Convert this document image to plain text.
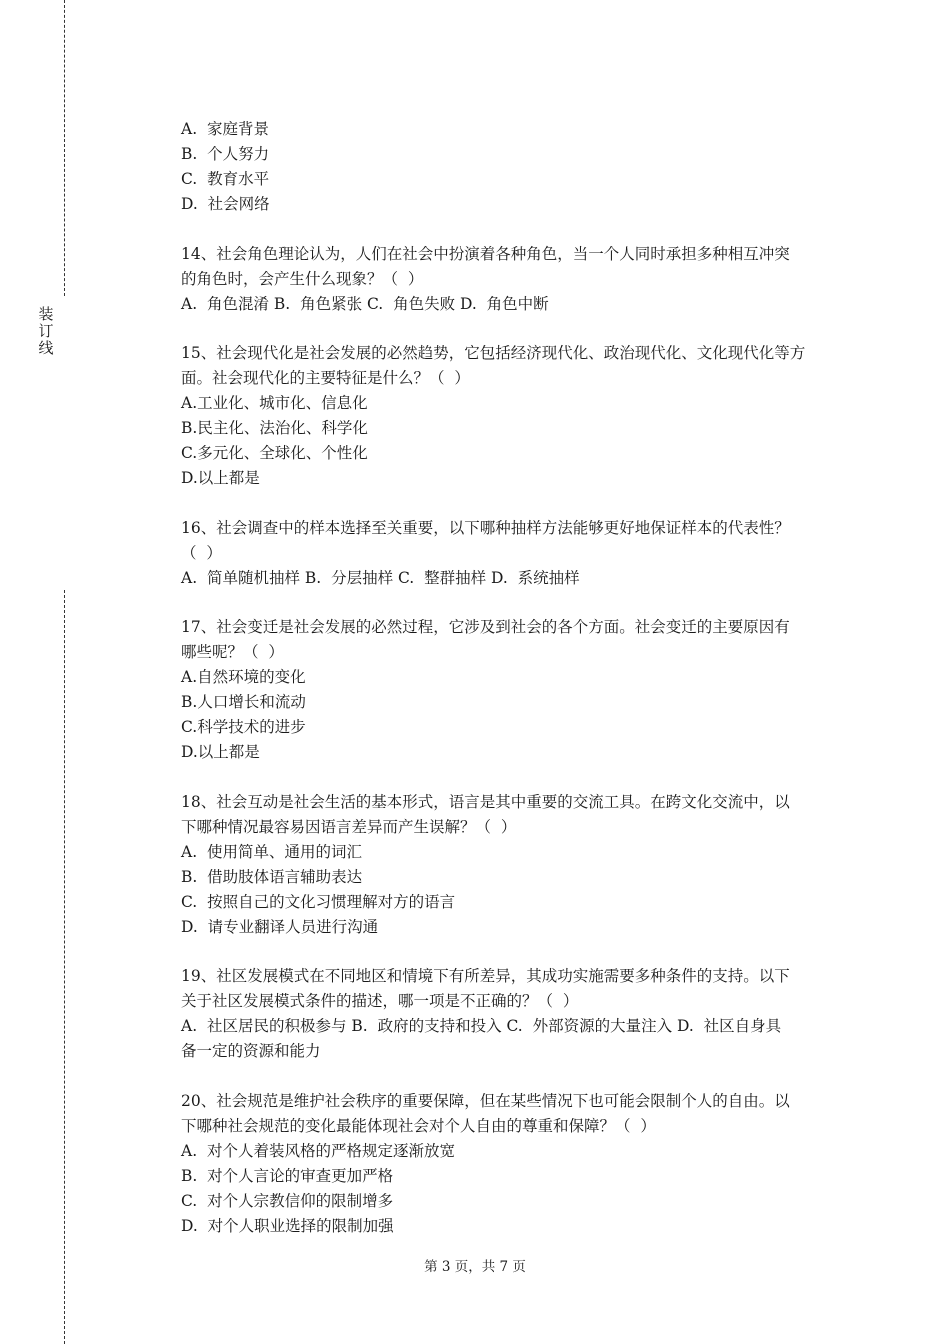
装
订
线
A.  家庭背景
B.  个人努力
C.  教育水平
D.  社会网络
14、社会角色理论认为，人们在社会中扮演着各种角色，当一个人同时承担多种相互冲突
的角色时，会产生什么现象？（  ）
A.  角色混淆 B.  角色紧张 C.  角色失败 D.  角色中断
15、社会现代化是社会发展的必然趋势，它包括经济现代化、政治现代化、文化现代化等方
面。社会现代化的主要特征是什么？（  ）
A.工业化、城市化、信息化
B.民主化、法治化、科学化
C.多元化、全球化、个性化
D.以上都是
16、社会调查中的样本选择至关重要，以下哪种抽样方法能够更好地保证样本的代表性？
（  ）
A.  简单随机抽样 B.  分层抽样 C.  整群抽样 D.  系统抽样
17、社会变迁是社会发展的必然过程，它涉及到社会的各个方面。社会变迁的主要原因有
哪些呢？（  ）
A.自然环境的变化
B.人口增长和流动
C.科学技术的进步
D.以上都是
18、社会互动是社会生活的基本形式，语言是其中重要的交流工具。在跨文化交流中，以
下哪种情况最容易因语言差异而产生误解？（  ）
A.  使用简单、通用的词汇
B.  借助肢体语言辅助表达
C.  按照自己的文化习惯理解对方的语言
D.  请专业翻译人员进行沟通
19、社区发展模式在不同地区和情境下有所差异，其成功实施需要多种条件的支持。以下
关于社区发展模式条件的描述，哪一项是不正确的？（  ）
A.  社区居民的积极参与 B.  政府的支持和投入 C.  外部资源的大量注入 D.  社区自身具
备一定的资源和能力
20、社会规范是维护社会秩序的重要保障，但在某些情况下也可能会限制个人的自由。以
下哪种社会规范的变化最能体现社会对个人自由的尊重和保障？（  ）
A.  对个人着装风格的严格规定逐渐放宽
B.  对个人言论的审查更加严格
C.  对个人宗教信仰的限制增多
D.  对个人职业选择的限制加强
第 3 页，共 7 页
